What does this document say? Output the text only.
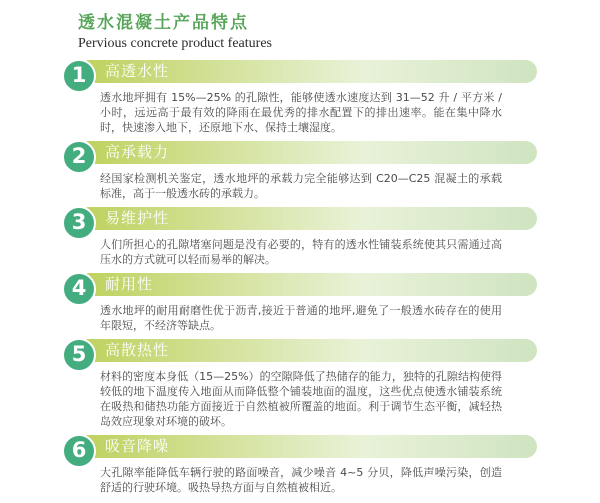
透水混凝土产品特点
Pervious concrete product features
高透水性
1

透水地坪拥有 15%—25% 的孔隙性，能够使透水速度达到 31—52 升 / 平方米 / 小时，远远高于最有效的降雨在最优秀的排水配置下的排出速率。能在集中降水时，快速渗入地下，还原地下水、保持土壤湿度。

高承载力
2

经国家检测机关鉴定，透水地坪的承载力完全能够达到 C20—C25 混凝土的承载标准，高于一般透水砖的承载力。

易维护性
3

人们所担心的孔隙堵塞问题是没有必要的，特有的透水性铺装系统使其只需通过高压水的方式就可以轻而易举的解决。

耐用性
4

透水地坪的耐用耐磨性优于沥青,接近于普通的地坪,避免了一般透水砖存在的使用年限短，不经济等缺点。

高散热性
5

材料的密度本身低（15—25%）的空隙降低了热储存的能力，独特的孔隙结构使得较低的地下温度传入地面从而降低整个铺装地面的温度，这些优点使透水铺装系统在吸热和储热功能方面接近于自然植被所覆盖的地面。利于调节生态平衡，减轻热岛效应现象对环境的破坏。

吸音降噪
6

大孔隙率能降低车辆行驶的路面噪音，减少噪音 4~5 分贝，降低声噪污染，创造舒适的行驶环境。吸热导热方面与自然植被相近。
